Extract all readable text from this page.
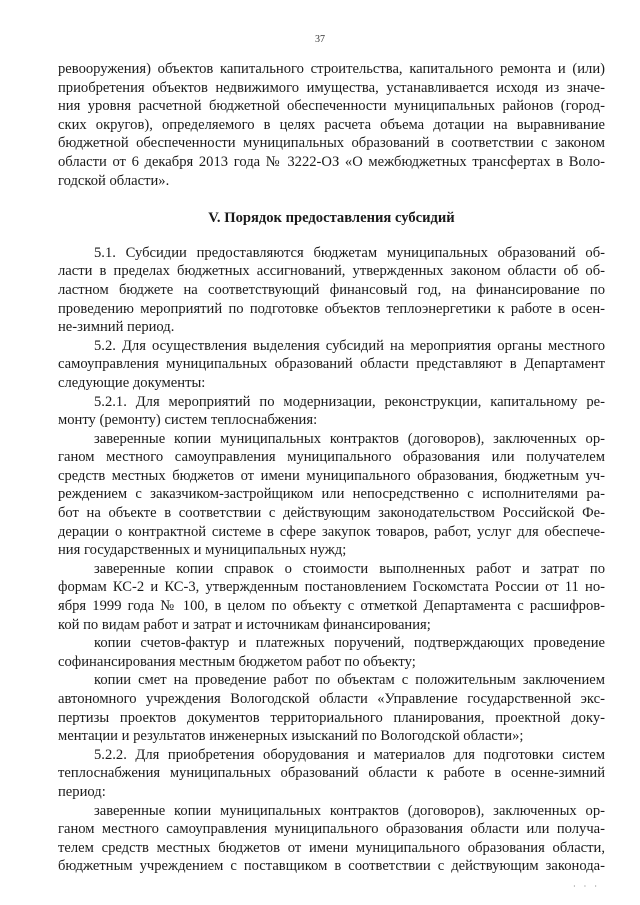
37
ревооружения) объектов капитального строительства, капитального ремонта и (или)
приобретения объектов недвижимого имущества, устанавливается исходя из значе-
ния уровня расчетной бюджетной обеспеченности муниципальных районов (город-
ских округов), определяемого в целях расчета объема дотации на выравнивание
бюджетной обеспеченности муниципальных образований в соответствии с законом
области от 6 декабря 2013 года № 3222-ОЗ «О межбюджетных трансфертах в Воло-
годской области».
V. Порядок предоставления субсидий
5.1. Субсидии предоставляются бюджетам муниципальных образований об-
ласти в пределах бюджетных ассигнований, утвержденных законом области об об-
ластном бюджете на соответствующий финансовый год, на финансирование по
проведению мероприятий по подготовке объектов теплоэнергетики к работе в осен-
не-зимний период.
5.2. Для осуществления выделения субсидий на мероприятия органы местного
самоуправления муниципальных образований области представляют в Департамент
следующие документы:
5.2.1. Для мероприятий по модернизации, реконструкции, капитальному ре-
монту (ремонту) систем теплоснабжения:
заверенные копии муниципальных контрактов (договоров), заключенных ор-
ганом местного самоуправления муниципального образования или получателем
средств местных бюджетов от имени муниципального образования, бюджетным уч-
реждением с заказчиком-застройщиком или непосредственно с исполнителями ра-
бот на объекте в соответствии с действующим законодательством Российской Фе-
дерации о контрактной системе в сфере закупок товаров, работ, услуг для обеспече-
ния государственных и муниципальных нужд;
заверенные копии справок о стоимости выполненных работ и затрат по
формам КС-2 и КС-3, утвержденным постановлением Госкомстата России от 11 но-
ября 1999 года № 100, в целом по объекту с отметкой Департамента с расшифров-
кой по видам работ и затрат и источникам финансирования;
копии счетов-фактур и платежных поручений, подтверждающих проведение
софинансирования местным бюджетом работ по объекту;
копии смет на проведение работ по объектам с положительным заключением
автономного учреждения Вологодской области «Управление государственной экс-
пертизы проектов документов территориального планирования, проектной доку-
ментации и результатов инженерных изысканий по Вологодской области»;
5.2.2. Для приобретения оборудования и материалов для подготовки систем
теплоснабжения муниципальных образований области к работе в осенне-зимний
период:
заверенные копии муниципальных контрактов (договоров), заключенных ор-
ганом местного самоуправления муниципального образования области или получа-
телем средств местных бюджетов от имени муниципального образования области,
бюджетным учреждением с поставщиком в соответствии с действующим законода-
· · ·
